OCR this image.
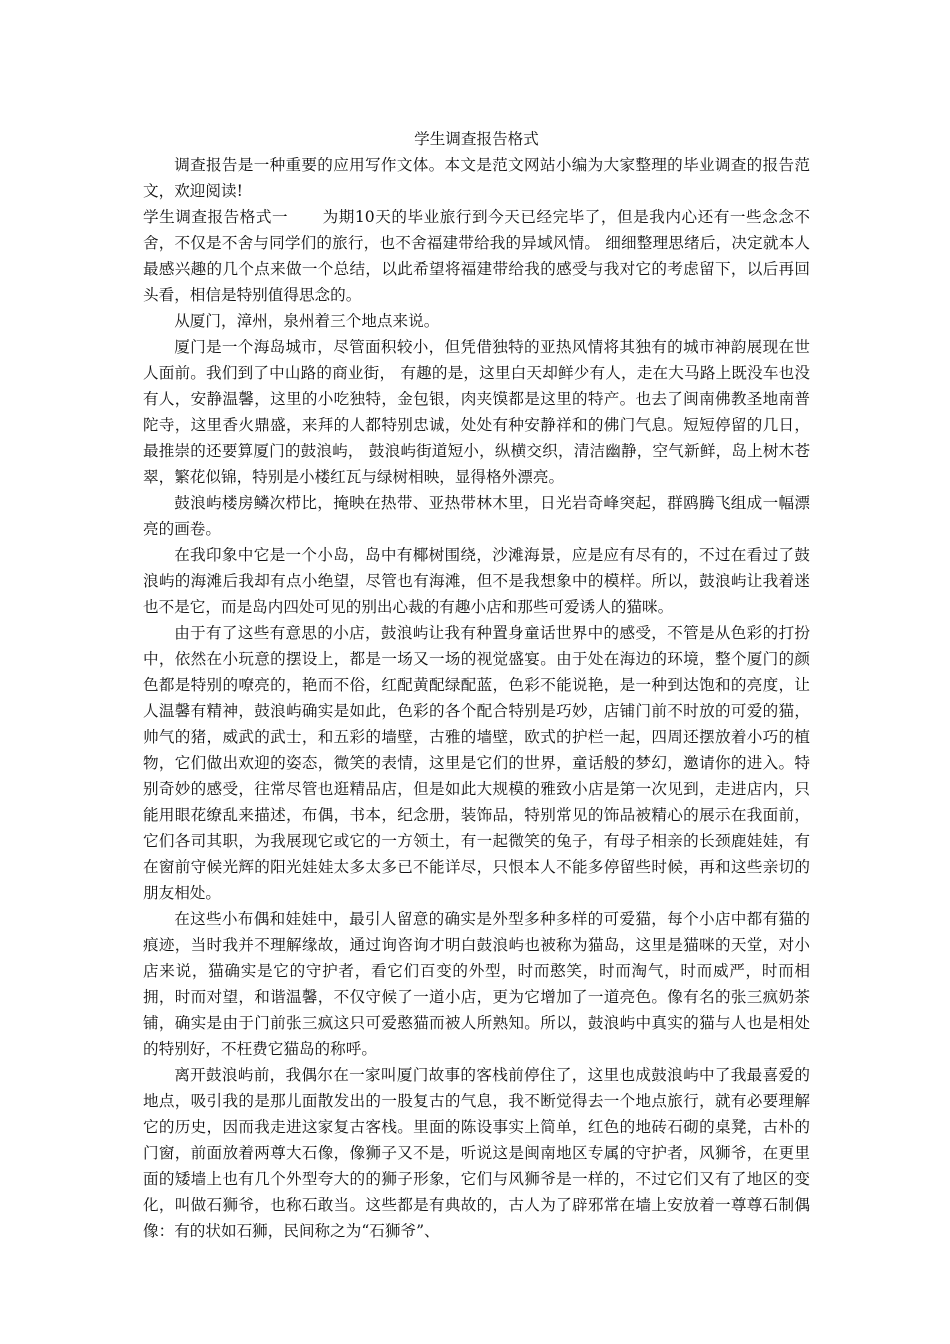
学生调查报告格式

调查报告是一种重要的应用写作文体。本文是范文网站小编为大家整理的毕业调查的报告范文，欢迎阅读!

学生调查报告格式一 为期10天的毕业旅行到今天已经完毕了，但是我内心还有一些念念不舍，不仅是不舍与同学们的旅行，也不舍福建带给我的异域风情。 细细整理思绪后，决定就本人最感兴趣的几个点来做一个总结，以此希望将福建带给我的感受与我对它的考虑留下，以后再回头看，相信是特别值得思念的。

从厦门，漳州，泉州着三个地点来说。

厦门是一个海岛城市，尽管面积较小，但凭借独特的亚热风情将其独有的城市神韵展现在世人面前。我们到了中山路的商业街， 有趣的是，这里白天却鲜少有人，走在大马路上既没车也没有人，安静温馨，这里的小吃独特，金包银，肉夹馍都是这里的特产。也去了闽南佛教圣地南普陀寺，这里香火鼎盛，来拜的人都特别忠诚，处处有种安静祥和的佛门气息。短短停留的几日，最推崇的还要算厦门的鼓浪屿， 鼓浪屿街道短小，纵横交织，清洁幽静，空气新鲜，岛上树木苍翠，繁花似锦，特别是小楼红瓦与绿树相映，显得格外漂亮。

鼓浪屿楼房鳞次栉比，掩映在热带、亚热带林木里，日光岩奇峰突起，群鸥腾飞组成一幅漂亮的画卷。

在我印象中它是一个小岛，岛中有椰树围绕，沙滩海景，应是应有尽有的，不过在看过了鼓浪屿的海滩后我却有点小绝望，尽管也有海滩，但不是我想象中的模样。所以，鼓浪屿让我着迷也不是它，而是岛内四处可见的别出心裁的有趣小店和那些可爱诱人的猫咪。

由于有了这些有意思的小店，鼓浪屿让我有种置身童话世界中的感受，不管是从色彩的打扮中，依然在小玩意的摆设上，都是一场又一场的视觉盛宴。由于处在海边的环境，整个厦门的颜色都是特别的嘹亮的，艳而不俗，红配黄配绿配蓝，色彩不能说艳，是一种到达饱和的亮度，让人温馨有精神，鼓浪屿确实是如此，色彩的各个配合特别是巧妙，店铺门前不时放的可爱的猫，帅气的猪，威武的武士，和五彩的墙壁，古雅的墙壁，欧式的护栏一起，四周还摆放着小巧的植物，它们做出欢迎的姿态，微笑的表情，这里是它们的世界，童话般的梦幻，邀请你的进入。特别奇妙的感受，往常尽管也逛精品店，但是如此大规模的雅致小店是第一次见到，走进店内，只能用眼花缭乱来描述，布偶，书本，纪念册，装饰品，特别常见的饰品被精心的展示在我面前，它们各司其职，为我展现它或它的一方领土，有一起微笑的兔子，有母子相亲的长颈鹿娃娃，有在窗前守候光辉的阳光娃娃太多太多已不能详尽，只恨本人不能多停留些时候，再和这些亲切的朋友相处。

在这些小布偶和娃娃中，最引人留意的确实是外型多种多样的可爱猫，每个小店中都有猫的痕迹，当时我并不理解缘故，通过询咨询才明白鼓浪屿也被称为猫岛，这里是猫咪的天堂，对小店来说，猫确实是它的守护者，看它们百变的外型，时而憨笑，时而淘气，时而威严，时而相拥，时而对望，和谐温馨，不仅守候了一道小店，更为它增加了一道亮色。像有名的张三疯奶茶铺，确实是由于门前张三疯这只可爱憨猫而被人所熟知。所以，鼓浪屿中真实的猫与人也是相处的特别好，不枉费它猫岛的称呼。

离开鼓浪屿前，我偶尔在一家叫厦门故事的客栈前停住了，这里也成鼓浪屿中了我最喜爱的地点，吸引我的是那儿面散发出的一股复古的气息，我不断觉得去一个地点旅行，就有必要理解它的历史，因而我走进这家复古客栈。里面的陈设事实上简单，红色的地砖石砌的桌凳，古朴的门窗，前面放着两尊大石像，像狮子又不是，听说这是闽南地区专属的守护者，风狮爷，在更里面的矮墙上也有几个外型夸大的的狮子形象，它们与风狮爷是一样的，不过它们又有了地区的变化，叫做石狮爷，也称石敢当。这些都是有典故的，古人为了辟邪常在墙上安放着一尊尊石制偶像：有的状如石狮，民间称之为“石狮爷”、
